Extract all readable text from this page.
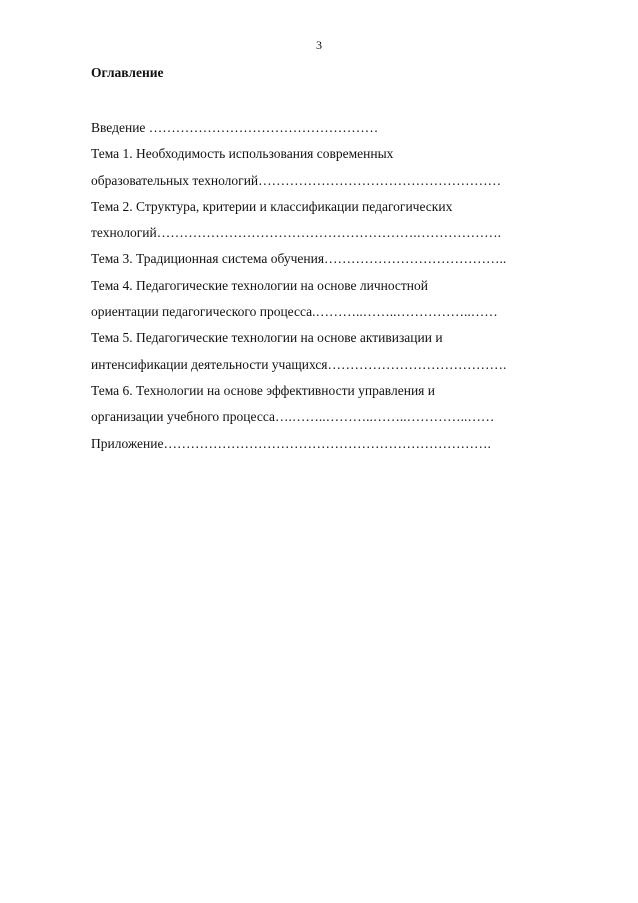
3
Оглавление
Введение ……………………………………………
Тема 1. Необходимость использования современных
образовательных технологий………………………………………………
Тема 2. Структура, критерии и классификации педагогических
технологий………………………………………………….……………….
Тема 3. Традиционная система обучения…………………………………..
Тема 4. Педагогические технологии на основе личностной
ориентации педагогического процесса.………..……..……………..……
Тема 5. Педагогические технологии на основе активизации и
интенсификации деятельности учащихся………………………………….
Тема 6. Технологии на основе эффективности управления и
организации учебного процесса….……..………..……..…………..……
Приложение……………………………………………………………….
